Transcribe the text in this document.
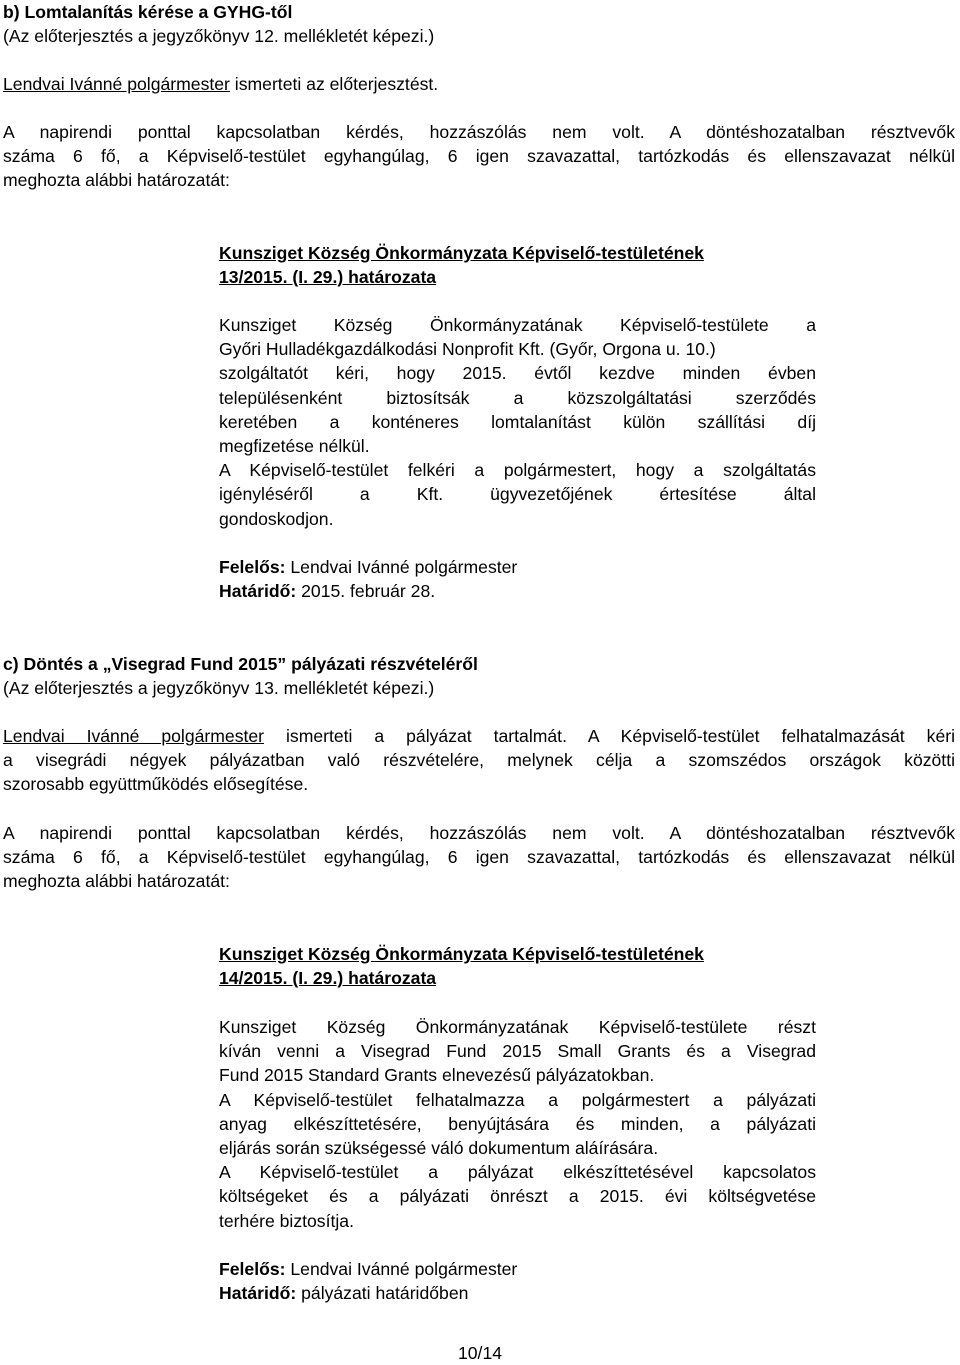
b) Lomtalanítás kérése a GYHG-től
(Az előterjesztés a jegyzőkönyv 12. mellékletét képezi.)
Lendvai Ivánné polgármester ismerteti az előterjesztést.
A napirendi ponttal kapcsolatban kérdés, hozzászólás nem volt. A döntéshozatalban résztvevők
száma 6 fő, a Képviselő-testület egyhangúlag, 6 igen szavazattal, tartózkodás és ellenszavazat nélkül
meghozta alábbi határozatát:
Kunsziget Község Önkormányzata Képviselő-testületének
13/2015. (I. 29.) határozata
Kunsziget Község Önkormányzatának Képviselő-testülete a
Győri Hulladékgazdálkodási Nonprofit Kft. (Győr, Orgona u. 10.)
szolgáltatót kéri, hogy 2015. évtől kezdve minden évben
településenként biztosítsák a közszolgáltatási szerződés
keretében a konténeres lomtalanítást külön szállítási díj
megfizetése nélkül.
A Képviselő-testület felkéri a polgármestert, hogy a szolgáltatás
igényléséről a Kft. ügyvezetőjének értesítése által
gondoskodjon.
Felelős: Lendvai Ivánné polgármester
Határidő: 2015. február 28.
c) Döntés a „Visegrad Fund 2015” pályázati részvételéről
(Az előterjesztés a jegyzőkönyv 13. mellékletét képezi.)
Lendvai Ivánné polgármester ismerteti a pályázat tartalmát. A Képviselő-testület felhatalmazását kéri
a visegrádi négyek pályázatban való részvételére, melynek célja a szomszédos országok közötti
szorosabb együttműködés elősegítése.
A napirendi ponttal kapcsolatban kérdés, hozzászólás nem volt. A döntéshozatalban résztvevők
száma 6 fő, a Képviselő-testület egyhangúlag, 6 igen szavazattal, tartózkodás és ellenszavazat nélkül
meghozta alábbi határozatát:
Kunsziget Község Önkormányzata Képviselő-testületének
14/2015. (I. 29.) határozata
Kunsziget Község Önkormányzatának Képviselő-testülete részt
kíván venni a Visegrad Fund 2015 Small Grants és a Visegrad
Fund 2015 Standard Grants elnevezésű pályázatokban.
A Képviselő-testület felhatalmazza a polgármestert a pályázati
anyag elkészíttetésére, benyújtására és minden, a pályázati
eljárás során szükségessé váló dokumentum aláírására.
A Képviselő-testület a pályázat elkészíttetésével kapcsolatos
költségeket és a pályázati önrészt a 2015. évi költségvetése
terhére biztosítja.
Felelős: Lendvai Ivánné polgármester
Határidő: pályázati határidőben
10/14
